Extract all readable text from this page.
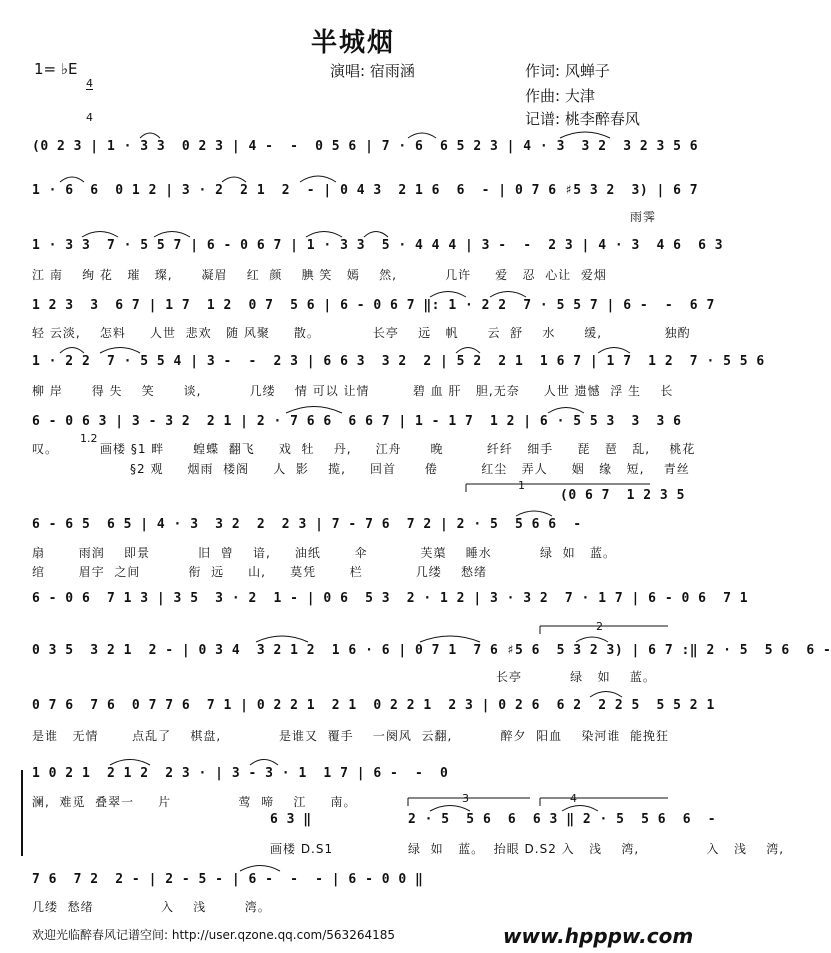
半城烟
1= ♭E

4

4

演唱: 宿雨涵	作词: 风蝉子
作曲: 大津
记谱: 桃李醉春风
(0 2 3 | 1 · 3 3  0 2 3 | 4 -  -  0 5 6 | 7 · 6  6 5 2 3 | 4 · 3  3 2  3 2 3 5 6
1 · 6  6  0 1 2 | 3 · 2  2 1  2  - | 0 4 3  2 1 6  6  - | 0 7 6 ♯5 3 2  3) | 6 7
1 · 3 3  7 · 5 5 7 | 6 - 0 6 7 | 1 · 3 3  5 · 4 4 4 | 3 -  -  2 3 | 4 · 3  4 6  6 3
1 2 3  3  6 7 | 1 7  1 2  0 7  5 6 | 6 - 0 6 7 ‖: 1 · 2 2  7 · 5 5 7 | 6 -  -  6 7
1 · 2 2  7 · 5 5 4 | 3 -  -  2 3 | 6 6 3  3 2  2 | 5 2  2 1  1 6 7 | 1 7  1 2  7 · 5 5 6
6 - 0 6 3 | 3 - 3 2  2 1 | 2 · 7 6 6  6 6 7 | 1 - 1 7  1 2 | 6 · 5 5 3  3  3 6
(0 6 7  1 2 3 5
6 - 6 5  6 5 | 4 · 3  3 2  2  2 3 | 7 - 7 6  7 2 | 2 · 5  5 6 6  -
6 - 0 6  7 1 3 | 3 5  3 · 2  1 - | 0 6  5 3  2 · 1 2 | 3 · 3 2  7 · 1 7 | 6 - 0 6  7 1
0 3 5  3 2 1  2 - | 0 3 4  3 2 1 2  1 6 · 6 | 0 7 1  7 6 ♯5 6  5 3 2 3) | 6 7 :‖ 2 · 5  5 6  6 -
0 7 6  7 6  0 7 7 6  7 1 | 0 2 2 1  2 1  0 2 2 1  2 3 | 0 2 6  6 2  2 2 5  5 5 2 1
1 0 2 1  2 1 2  2 3 · | 3 - 3 · 1  1 7 | 6 -  -  0
6 3 ‖	2 · 5  5 6  6  6 3 ‖ 2 · 5  5 6  6  -
7 6  7 2  2 - | 2 - 5 - | 6 -  -  - | 6 - 0 0 ‖
雨霁
江 南    绚 花   璀   璨,      凝眉    红  颜    腆 笑   嫣    然,          几许     爱   忍  心让  爱烟
轻 云淡,    怎料     人世  悲欢   随 风聚     散。           长亭    远   帆      云  舒    水      缓,             独酌
柳 岸      得 失    笑      谈,          几缕    情 可以 让情         碧 血 肝   胆,无奈     人世 遗憾  浮 生    长
叹。
1.2
画楼 §1 畔      蝗蝶  翻飞     戏  牡    丹,     江舟      晚         纤纤   细手     琵   琶   乱,    桃花
§2 观     烟雨  楼阁     人  影    揽,     回首      倦         红尘   弄人     姻   缘   短,    青丝
扇       雨润    即景          旧  曾    谙,     油纸       伞           芙蕖    睡水          绿  如   蓝。
绾       眉宇  之间          衔  远     山,     莫凭       栏           几缕    愁绪
长亭          绿   如    蓝。
是谁   无情       点乱了    棋盘,            是谁又  覆手    一阕风  云翻,          醉夕  阳血    染河谁  能挽狂
澜,  难觅  叠翠一     片              莺  啼    江     南。
画楼 D.S1	绿  如   蓝。  抬眼 D.S2 入   浅    湾,              入   浅    湾,
几缕  愁绪              入    浅        湾。
1
2
3	4
欢迎光临醉春风记谱空间: http://user.qzone.qq.com/563264185	www.hpppw.com
